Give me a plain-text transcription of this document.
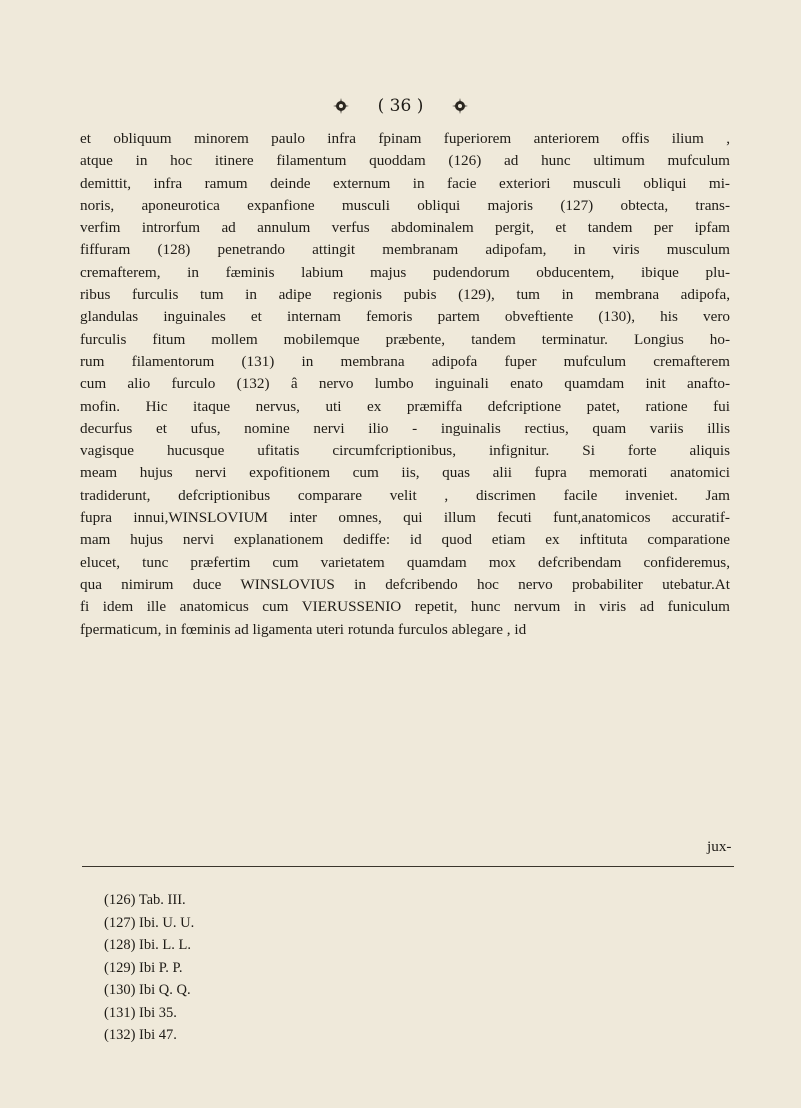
( 36 )
et obliquum minorem paulo infra fpinam fuperiorem anteriorem offis ilium ,
atque in hoc itinere filamentum quoddam (126) ad hunc ultimum mufculum
demittit, infra ramum deinde externum in facie exteriori musculi obliqui mi-
noris, aponeurotica expanfione musculi obliqui majoris (127) obtecta, trans-
verfim introrfum ad annulum verfus abdominalem pergit, et tandem per ipfam
fiffuram (128) penetrando attingit membranam adipofam, in viris musculum
cremafterem, in fæminis labium majus pudendorum obducentem, ibique plu-
ribus furculis tum in adipe regionis pubis (129), tum in membrana adipofa,
glandulas inguinales et internam femoris partem obveftiente (130), his vero
furculis fitum mollem mobilemque præbente, tandem terminatur. Longius ho-
rum filamentorum (131) in membrana adipofa fuper mufculum cremafterem
cum alio furculo (132) â nervo lumbo inguinali enato quamdam init anafto-
mofin. Hic itaque nervus, uti ex præmiffa defcriptione patet, ratione fui
decurfus et ufus, nomine nervi ilio - inguinalis rectius, quam variis illis
vagisque hucusque ufitatis circumfcriptionibus, infignitur. Si forte aliquis
meam hujus nervi expofitionem cum iis, quas alii fupra memorati anatomici
tradiderunt, defcriptionibus comparare velit , discrimen facile inveniet. Jam
fupra innui,WINSLOVIUM inter omnes, qui illum fecuti funt,anatomicos accuratif-
mam hujus nervi explanationem dediffe: id quod etiam ex inftituta comparatione
elucet, tunc præfertim cum varietatem quamdam mox defcribendam confideremus,
qua nimirum duce WINSLOVIUS in defcribendo hoc nervo probabiliter utebatur.At
fi idem ille anatomicus cum VIERUSSENIO repetit, hunc nervum in viris ad funiculum
fpermaticum, in fœminis ad ligamenta uteri rotunda furculos ablegare , id
jux-
(126) Tab. III.
(127) Ibi. U. U.
(128) Ibi. L. L.
(129) Ibi P. P.
(130) Ibi Q. Q.
(131) Ibi 35.
(132) Ibi 47.
